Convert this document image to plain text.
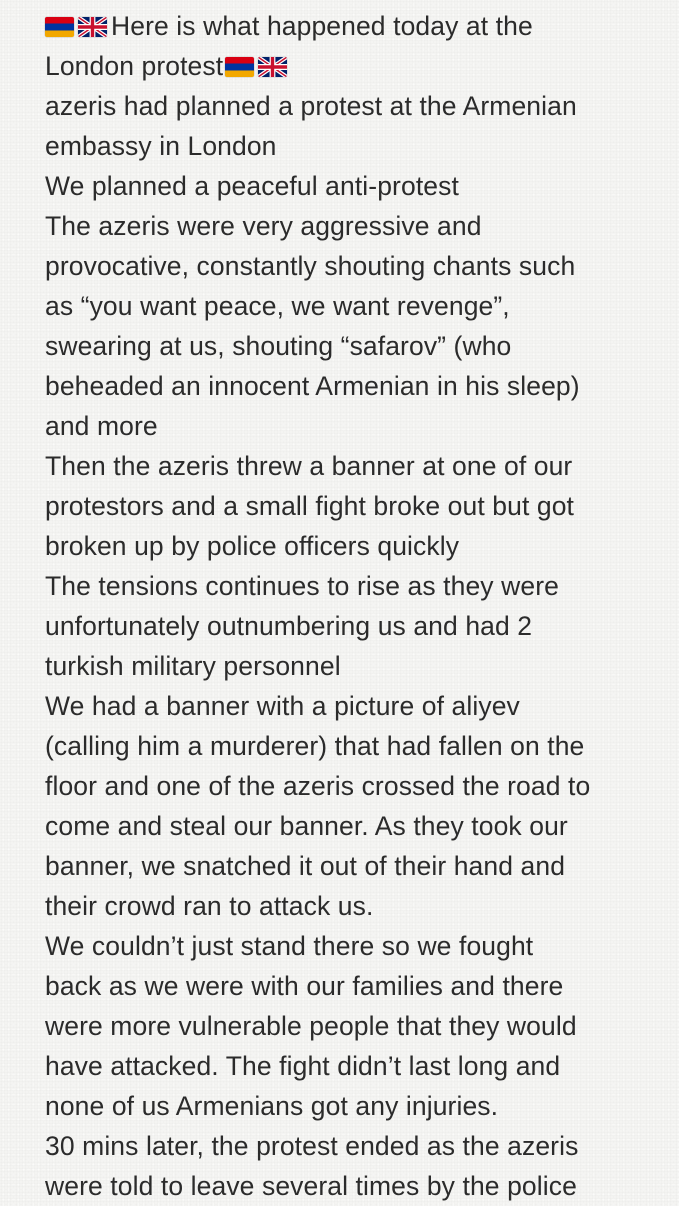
Here is what happened today at the
London protest
azeris had planned a protest at the Armenian
embassy in London
We planned a peaceful anti-protest
The azeris were very aggressive and
provocative, constantly shouting chants such
as “you want peace, we want revenge”,
swearing at us, shouting “safarov” (who
beheaded an innocent Armenian in his sleep)
and more
Then the azeris threw a banner at one of our
protestors and a small fight broke out but got
broken up by police officers quickly
The tensions continues to rise as they were
unfortunately outnumbering us and had 2
turkish military personnel
We had a banner with a picture of aliyev
(calling him a murderer) that had fallen on the
floor and one of the azeris crossed the road to
come and steal our banner. As they took our
banner, we snatched it out of their hand and
their crowd ran to attack us.
We couldn’t just stand there so we fought
back as we were with our families and there
were more vulnerable people that they would
have attacked. The fight didn’t last long and
none of us Armenians got any injuries.
30 mins later, the protest ended as the azeris
were told to leave several times by the police
